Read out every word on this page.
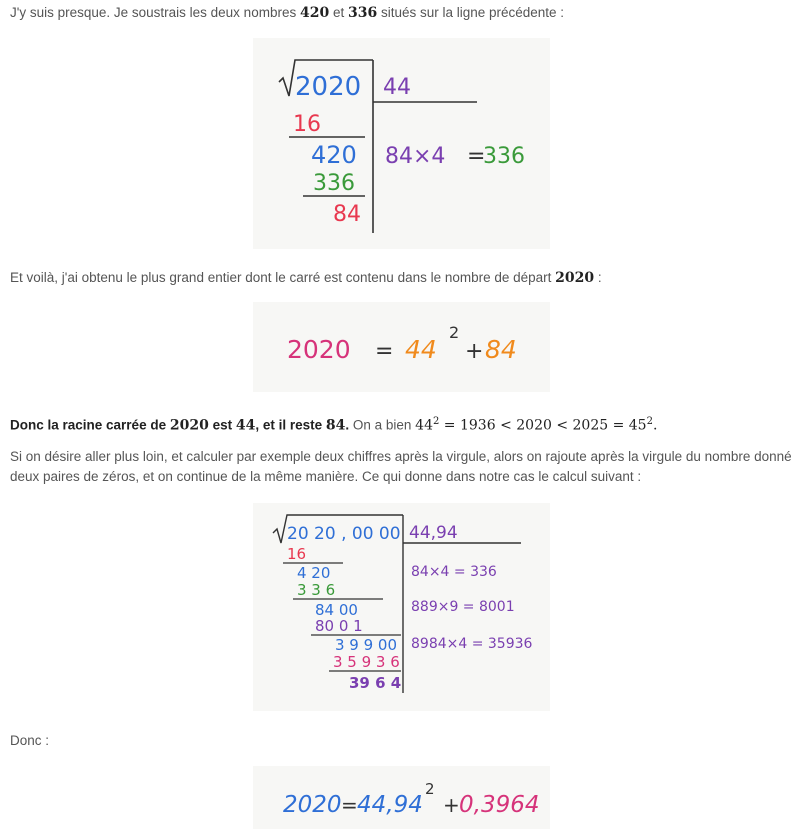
J'y suis presque. Je soustrais les deux nombres 420 et 336 situés sur la ligne précédente :
2020 44
16
420
336
84
84×4 =
336
Et voilà, j'ai obtenu le plus grand entier dont le carré est contenu dans le nombre de départ 2020 :
2020 = 44
2
+ 84
Donc la racine carrée de 2020 est 44, et il reste 84. On a bien $44^2 = 1936 < 2020 < 2025 = 45^2$.
Si on désire aller plus loin, et calculer par exemple deux chiffres après la virgule, alors on rajoute après la virgule du nombre donné deux paires de zéros, et on continue de la même manière. Ce qui donne dans notre cas le calcul suivant :
20 20 , 00 00 44,94
16
4 20
3 3 6
84 00
80 0 1
3 9 9 00
3 5 9 3 6
39 6 4
84×4 = 336
889×9 = 8001
8984×4 = 35936
Donc :
2020 = 44,94
2
+ 0,3964
